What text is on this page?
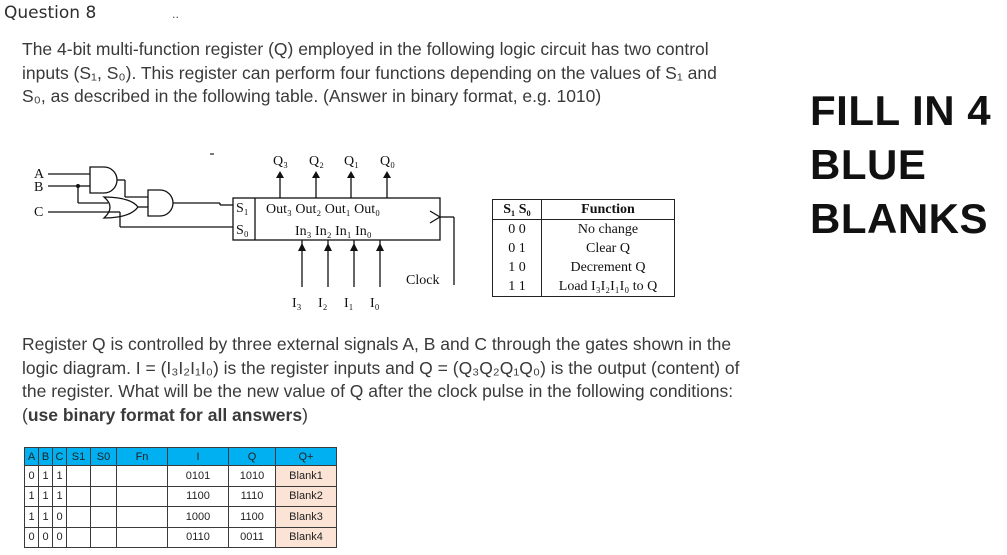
Question 8	..

The 4-bit multi-function register (Q) employed in the following logic circuit has two control inputs (S₁, S₀). This register can perform four functions depending on the values of S₁ and S₀, as described in the following table. (Answer in binary format, e.g. 1010)	FILL IN 4
BLUE
BLANKS
A
B
C
Q₃ Q₂ Q₁ Q₀
S₁
S₀
Out₃ Out₂ Out₁ Out₀
In₃ In₂ In₁ In₀
Clock
I₃ I₂ I₁ I₀
S₁ S₀	Function
0 0	No change
0 1	Clear Q
1 0	Decrement Q
1 1	Load I₃I₂I₁I₀ to Q

Register Q is controlled by three external signals A, B and C through the gates shown in the logic diagram. I = (I₃I₂I₁I₀) is the register inputs and Q = (Q₃Q₂Q₁Q₀) is the output (content) of the register. What will be the new value of Q after the clock pulse in the following conditions: (use binary format for all answers)

A	B	C	S1	S0	Fn	I	Q	Q+
0	1	1				0101	1010	Blank1
1	1	1				1100	1110	Blank2
1	1	0				1000	1100	Blank3
0	0	0				0110	0011	Blank4
